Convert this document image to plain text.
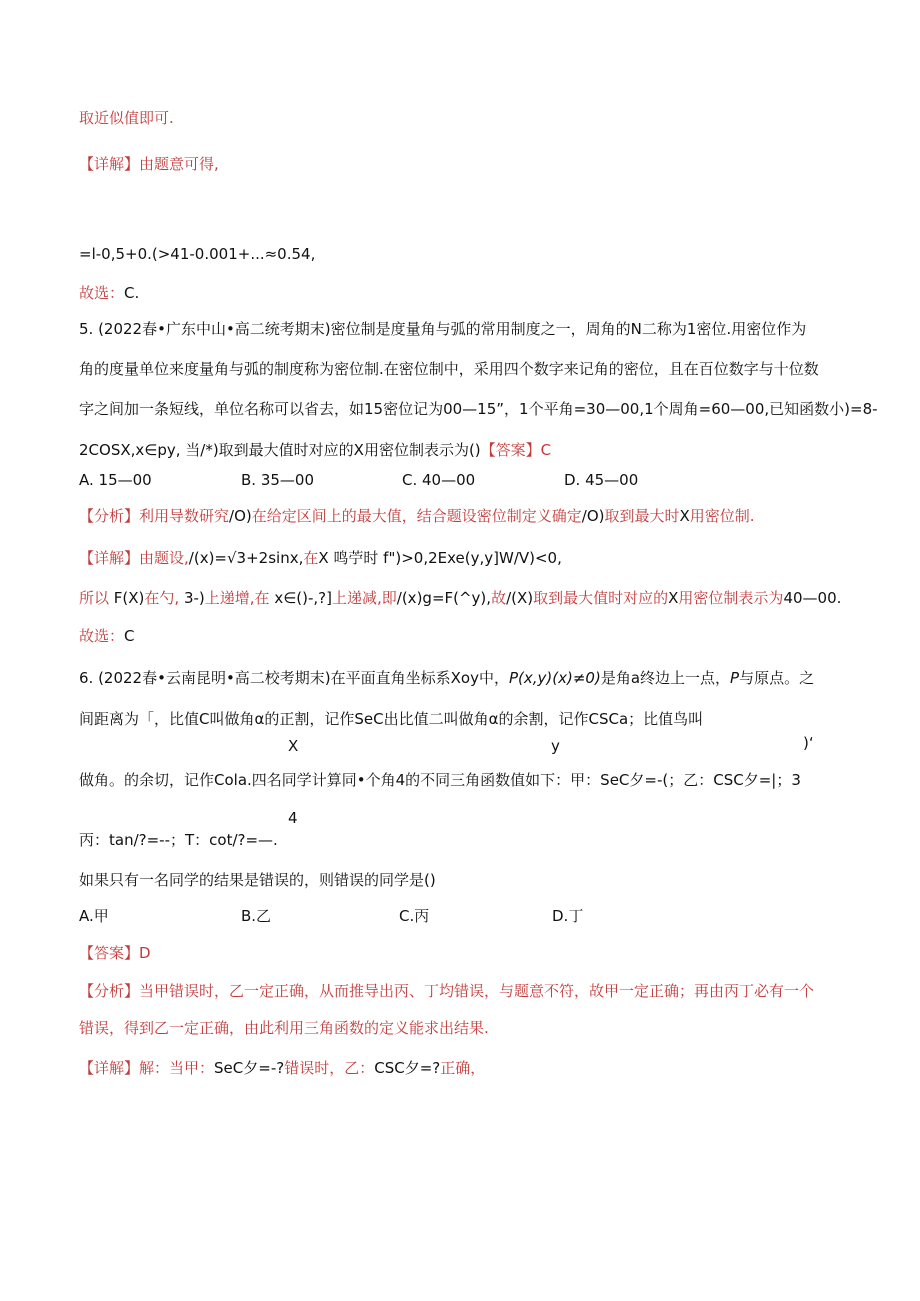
取近似值即可.
【详解】由题意可得,
=l-0,5+0.(>41-0.001+...≈0.54,
故选：C.
5. (2022春•广东中山•高二统考期末)密位制是度量角与弧的常用制度之一，周角的N二称为1密位.用密位作为
角的度量单位来度量角与弧的制度称为密位制.在密位制中，采用四个数字来记角的密位，且在百位数字与十位数
字之间加一条短线，单位名称可以省去，如15密位记为00—15”，1个平角=30—00,1个周角=60—00,已知函数小)=8-
2COSX,x∈py, 当/*)取到最大值时对应的X用密位制表示为()【答案】C
A. 15—00	B. 35—00	C. 40—00	D. 45—00
【分析】利用导数研究/O)在给定区间上的最大值，结合题设密位制定义确定/O)取到最大时X用密位制.
【详解】由题设,/(x)=√3+2sinx,在X 鸣苧时 f")>0,2Exe(y,y]W/V)<0,
所以 F(X)在勺, 3-)上递增,在 x∈()-,?]上递减,即/(x)g=F(^y),故/(X)取到最大值时对应的X用密位制表示为40—00.
故选：C
6. (2022春•云南昆明•高二校考期末)在平面直角坐标系Xoy中，P(x,y)(x)≠0)是角a终边上一点，P与原点。之
间距离为「，比值C叫做角α的正割，记作SeC出比值二叫做角α的余割，记作CSCa；比值鸟叫
X	y	)‘
做角。的余切，记作Cola.四名同学计算同•个角4的不同三角函数值如下：甲：SeC夕=-(；乙：CSC夕=|；3
4
丙：tan/?=--；T：cot/?=—.
如果只有一名同学的结果是错误的，则错误的同学是()
A.甲	B.乙	C.丙	D.丁
【答案】D
【分析】当甲错误时，乙一定正确，从而推导出丙、丁均错误，与题意不符，故甲一定正确；再由丙丁必有一个
错误，得到乙一定正确，由此利用三角函数的定义能求出结果.
【详解】解：当甲：SeC夕=-?错误时，乙：CSC夕=?正确，
